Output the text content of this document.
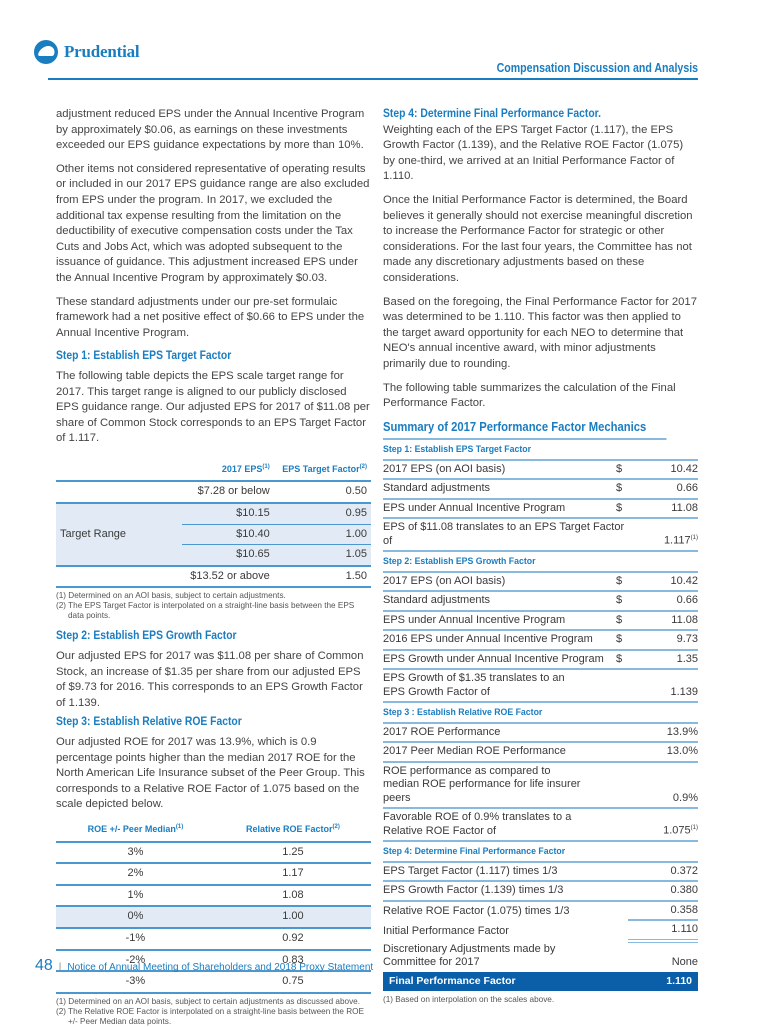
Prudential
Compensation Discussion and Analysis

adjustment reduced EPS under the Annual Incentive Program by approximately $0.06, as earnings on these investments exceeded our EPS guidance expectations by more than 10%.

Other items not considered representative of operating results or included in our 2017 EPS guidance range are also excluded from EPS under the program. In 2017, we excluded the additional tax expense resulting from the limitation on the deductibility of executive compensation costs under the Tax Cuts and Jobs Act, which was adopted subsequent to the issuance of guidance. This adjustment increased EPS under the Annual Incentive Program by approximately $0.03.

These standard adjustments under our pre-set formulaic framework had a net positive effect of $0.66 to EPS under the Annual Incentive Program.

Step 1: Establish EPS Target Factor

The following table depicts the EPS scale target range for 2017. This target range is aligned to our publicly disclosed EPS guidance range. Our adjusted EPS for 2017 of $11.08 per share of Common Stock corresponds to an EPS Target Factor of 1.117.

	2017 EPS$^{(1)}$	EPS Target Factor$^{(2)}$
	$7.28 or below	0.50
Target Range	$10.15	0.95
	$10.40	1.00
	$10.65	1.05
	$13.52 or above	1.50
(1) Determined on an AOI basis, subject to certain adjustments.
(2) The EPS Target Factor is interpolated on a straight-line basis between the EPS data points.
Step 2: Establish EPS Growth Factor

Our adjusted EPS for 2017 was $11.08 per share of Common Stock, an increase of $1.35 per share from our adjusted EPS of $9.73 for 2016. This corresponds to an EPS Growth Factor of 1.139.

Step 3: Establish Relative ROE Factor

Our adjusted ROE for 2017 was 13.9%, which is 0.9 percentage points higher than the median 2017 ROE for the North American Life Insurance subset of the Peer Group. This corresponds to a Relative ROE Factor of 1.075 based on the scale depicted below.

ROE +/- Peer Median$^{(1)}$	Relative ROE Factor$^{(2)}$
3%	1.25
2%	1.17
1%	1.08
0%	1.00
-1%	0.92
-2%	0.83
-3%	0.75
(1) Determined on an AOI basis, subject to certain adjustments as discussed above.
(2) The Relative ROE Factor is interpolated on a straight-line basis between the ROE +/- Peer Median data points.
Step 4: Determine Final Performance Factor.

Weighting each of the EPS Target Factor (1.117), the EPS Growth Factor (1.139), and the Relative ROE Factor (1.075) by one-third, we arrived at an Initial Performance Factor of 1.110.

Once the Initial Performance Factor is determined, the Board believes it generally should not exercise meaningful discretion to increase the Performance Factor for strategic or other considerations. For the last four years, the Committee has not made any discretionary adjustments based on these considerations.

Based on the foregoing, the Final Performance Factor for 2017 was determined to be 1.110. This factor was then applied to the target award opportunity for each NEO to determine that NEO's annual incentive award, with minor adjustments primarily due to rounding.

The following table summarizes the calculation of the Final Performance Factor.

Summary of 2017 Performance Factor Mechanics
Step 1: Establish EPS Target Factor		
2017 EPS (on AOI basis)	$	10.42
Standard adjustments	$	0.66
EPS under Annual Incentive Program	$	11.08
EPS of $11.08 translates to an EPS Target Factor of		1.117$^{(1)}$
Step 2: Establish EPS Growth Factor		
2017 EPS (on AOI basis)	$	10.42
Standard adjustments	$	0.66
EPS under Annual Incentive Program	$	11.08
2016 EPS under Annual Incentive Program	$	9.73
EPS Growth under Annual Incentive Program	$	1.35
EPS Growth of $1.35 translates to an EPS Growth Factor of		1.139
Step 3 : Establish Relative ROE Factor		
2017 ROE Performance		13.9%
2017 Peer Median ROE Performance		13.0%
ROE performance as compared to median ROE performance for life insurer peers		0.9%
Favorable ROE of 0.9% translates to a Relative ROE Factor of		1.075$^{(1)}$
Step 4: Determine Final Performance Factor		
EPS Target Factor (1.117) times 1/3		0.372
EPS Growth Factor (1.139) times 1/3		0.380
Relative ROE Factor (1.075) times 1/3		0.358
Initial Performance Factor		1.110
Discretionary Adjustments made by Committee for 2017		None
Final Performance Factor		1.110
(1) Based on interpolation on the scales above.
48 | Notice of Annual Meeting of Shareholders and 2018 Proxy Statement
